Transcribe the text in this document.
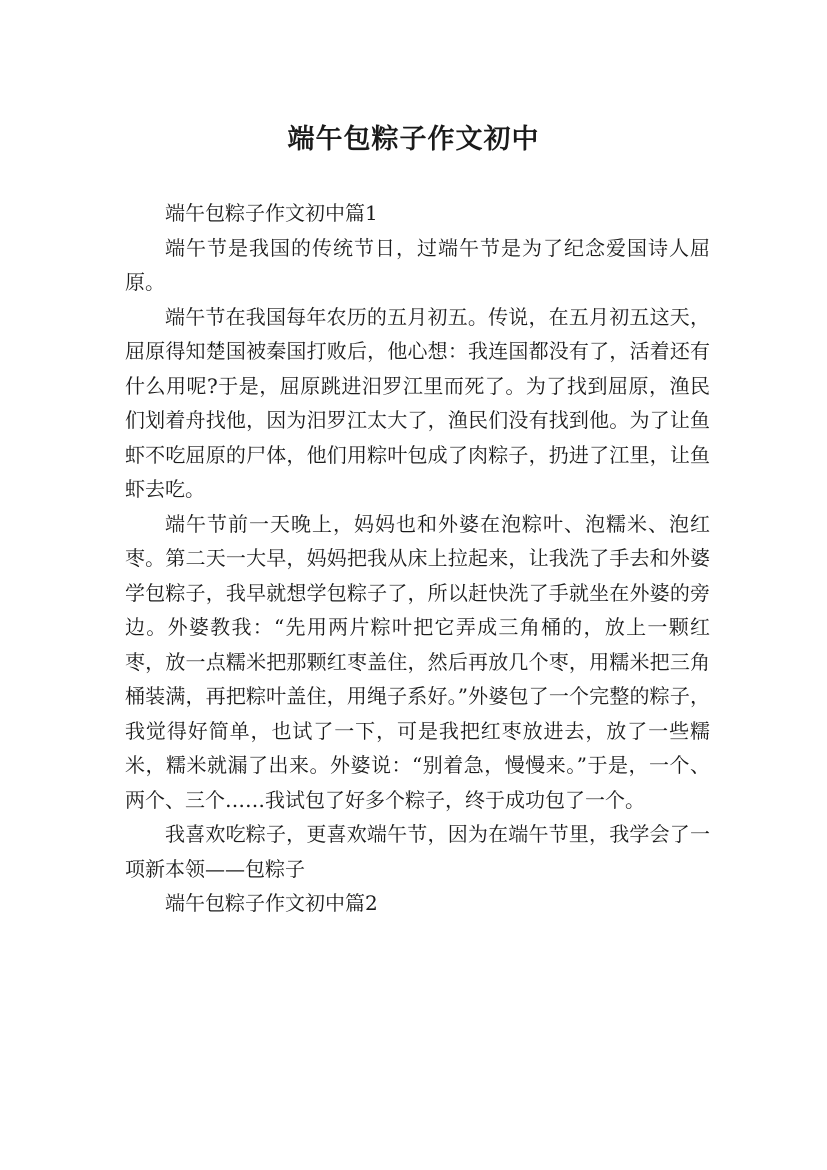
端午包粽子作文初中

端午包粽子作文初中篇1

端午节是我国的传统节日，过端午节是为了纪念爱国诗人屈原。

端午节在我国每年农历的五月初五。传说，在五月初五这天，屈原得知楚国被秦国打败后，他心想：我连国都没有了，活着还有什么用呢?于是，屈原跳进汨罗江里而死了。为了找到屈原，渔民们划着舟找他，因为汨罗江太大了，渔民们没有找到他。为了让鱼虾不吃屈原的尸体，他们用粽叶包成了肉粽子，扔进了江里，让鱼虾去吃。

端午节前一天晚上，妈妈也和外婆在泡粽叶、泡糯米、泡红枣。第二天一大早，妈妈把我从床上拉起来，让我洗了手去和外婆学包粽子，我早就想学包粽子了，所以赶快洗了手就坐在外婆的旁边。外婆教我：“先用两片粽叶把它弄成三角桶的，放上一颗红枣，放一点糯米把那颗红枣盖住，然后再放几个枣，用糯米把三角桶装满，再把粽叶盖住，用绳子系好。”外婆包了一个完整的粽子，我觉得好简单，也试了一下，可是我把红枣放进去，放了一些糯米，糯米就漏了出来。外婆说：“别着急，慢慢来。”于是，一个、两个、三个……我试包了好多个粽子，终于成功包了一个。

我喜欢吃粽子，更喜欢端午节，因为在端午节里，我学会了一项新本领——包粽子

端午包粽子作文初中篇2
